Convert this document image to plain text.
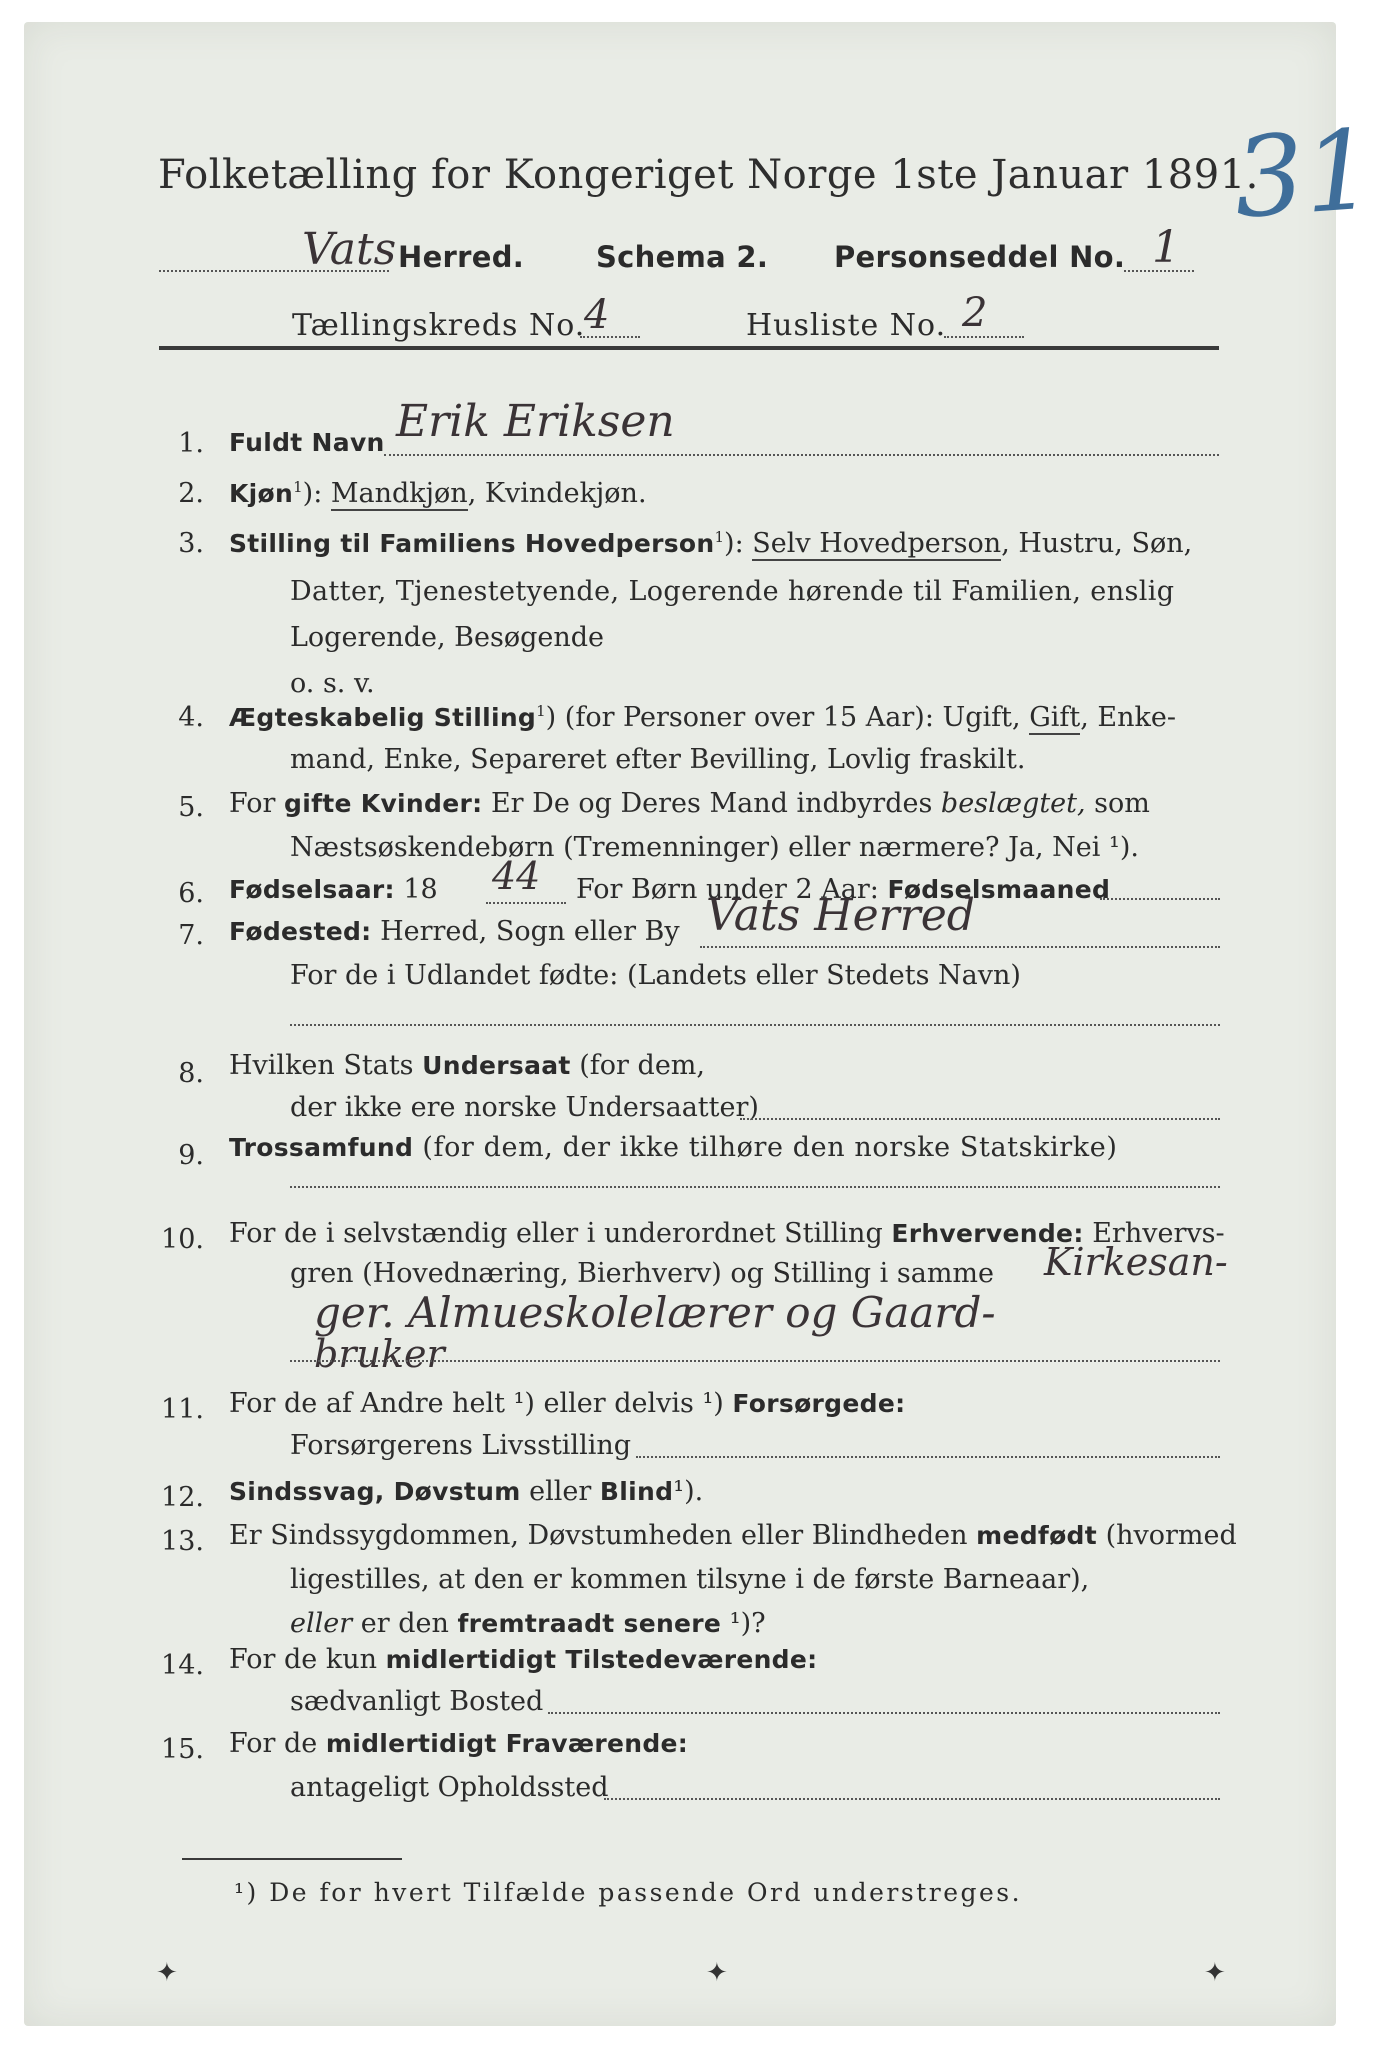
Folketælling for Kongeriget Norge 1ste Januar 1891.
31
Vats Herred. Schema 2. Personseddel No. 1
Tællingskreds No.
4	Husliste No. 2
1. Fuldt Navn Erik Eriksen
2. Kjøn$^1$): Mandkjøn, Kvindekjøn.
3. Stilling til Familiens Hovedperson$^1$): Selv Hovedperson, Hustru, Søn,
Datter, Tjenestetyende, Logerende hørende til Familien, enslig
Logerende, Besøgende
o. s. v.
4. Ægteskabelig Stilling$^1$) (for Personer over 15 Aar): Ugift, Gift, Enke-
mand, Enke, Separeret efter Bevilling, Lovlig fraskilt.
5. For gifte Kvinder: Er De og Deres Mand indbyrdes beslægtet, som
Næstsøskendebørn (Tremenninger) eller nærmere? Ja, Nei ¹).
6. Fødselsaar: 18 44 For Børn under 2 Aar: Fødselsmaaned
7. Fødested: Herred, Sogn eller By Vats Herred
For de i Udlandet fødte: (Landets eller Stedets Navn)
8. Hvilken Stats Undersaat (for dem,
der ikke ere norske Undersaatter)
9. Trossamfund (for dem, der ikke tilhøre den norske Statskirke)
10. For de i selvstændig eller i underordnet Stilling Erhvervende: Erhvervs-
gren (Hovednæring, Bierhverv) og Stilling i samme Kirkesan-
ger. Almueskolelærer og Gaard-
bruker
11. For de af Andre helt ¹) eller delvis ¹) Forsørgede:
Forsørgerens Livsstilling
12. Sindssvag, Døvstum eller Blind¹).
13. Er Sindssygdommen, Døvstumheden eller Blindheden medfødt (hvormed
ligestilles, at den er kommen tilsyne i de første Barneaar),
eller er den fremtraadt senere ¹)?
14. For de kun midlertidigt Tilstedeværende:
sædvanligt Bosted
15. For de midlertidigt Fraværende:
antageligt Opholdssted
¹) De for hvert Tilfælde passende Ord understreges.
✦	✦	✦
